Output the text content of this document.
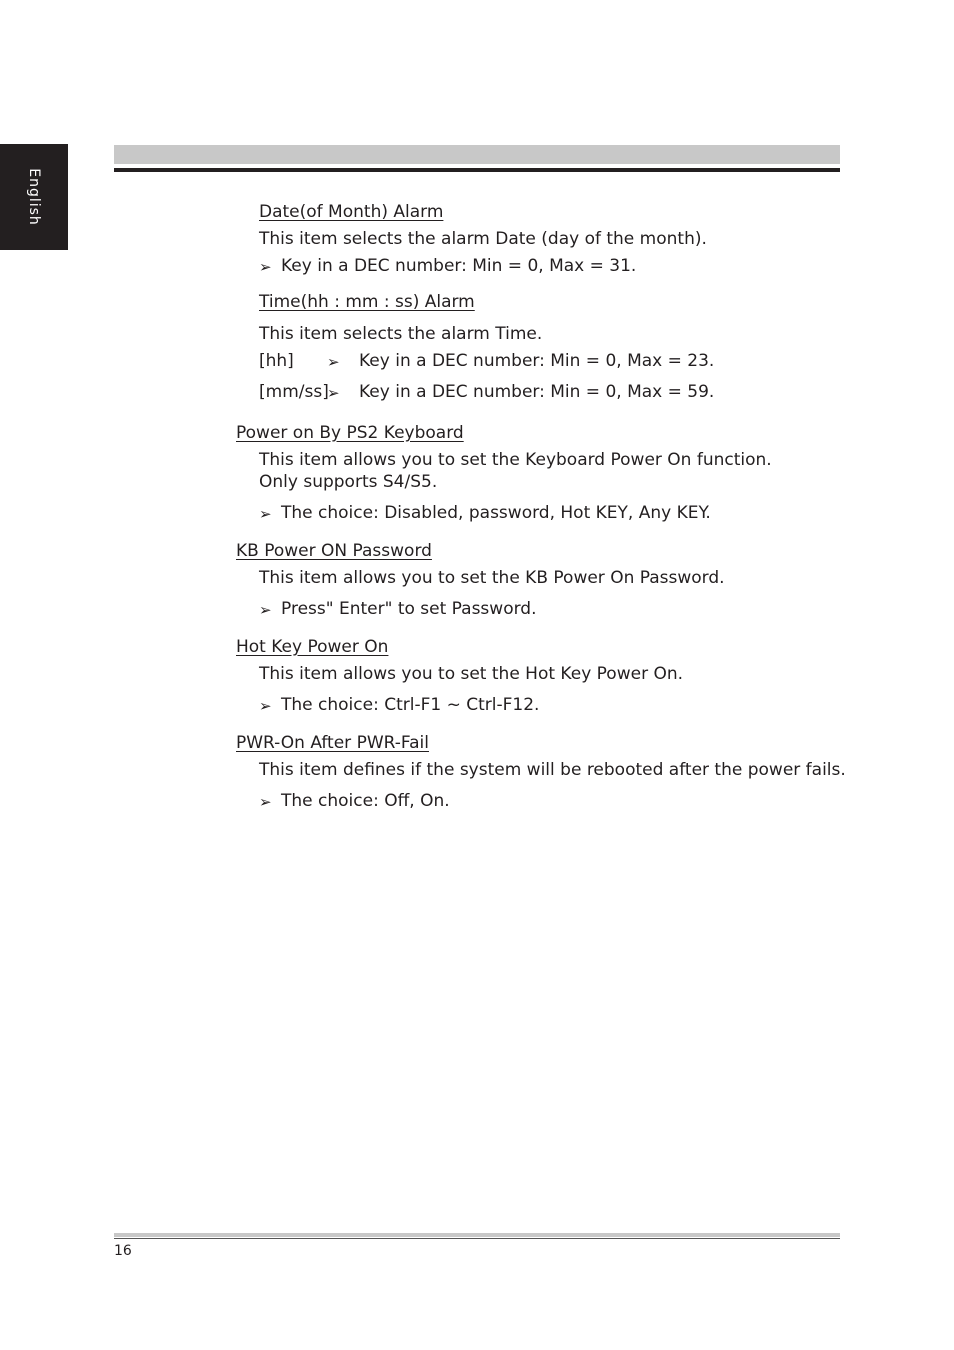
English	Date(of Month) Alarm
This item selects the alarm Date (day of the month).
➢ Key in a DEC number: Min = 0, Max = 31.
Time(hh : mm : ss) Alarm
This item selects the alarm Time.
[hh] ➢ Key in a DEC number: Min = 0, Max = 23.
[mm/ss]
➢ Key in a DEC number: Min = 0, Max = 59.
Power on By PS2 Keyboard
This item allows you to set the Keyboard Power On function.
Only supports S4/S5.
➢ The choice: Disabled, password, Hot KEY, Any KEY.
KB Power ON Password
This item allows you to set the KB Power On Password.
➢ Press" Enter" to set Password.
Hot Key Power On
This item allows you to set the Hot Key Power On.
➢ The choice: Ctrl-F1 ~ Ctrl-F12.
PWR-On After PWR-Fail
This item defines if the system will be rebooted after the power fails.
➢ The choice: Off, On.
16
